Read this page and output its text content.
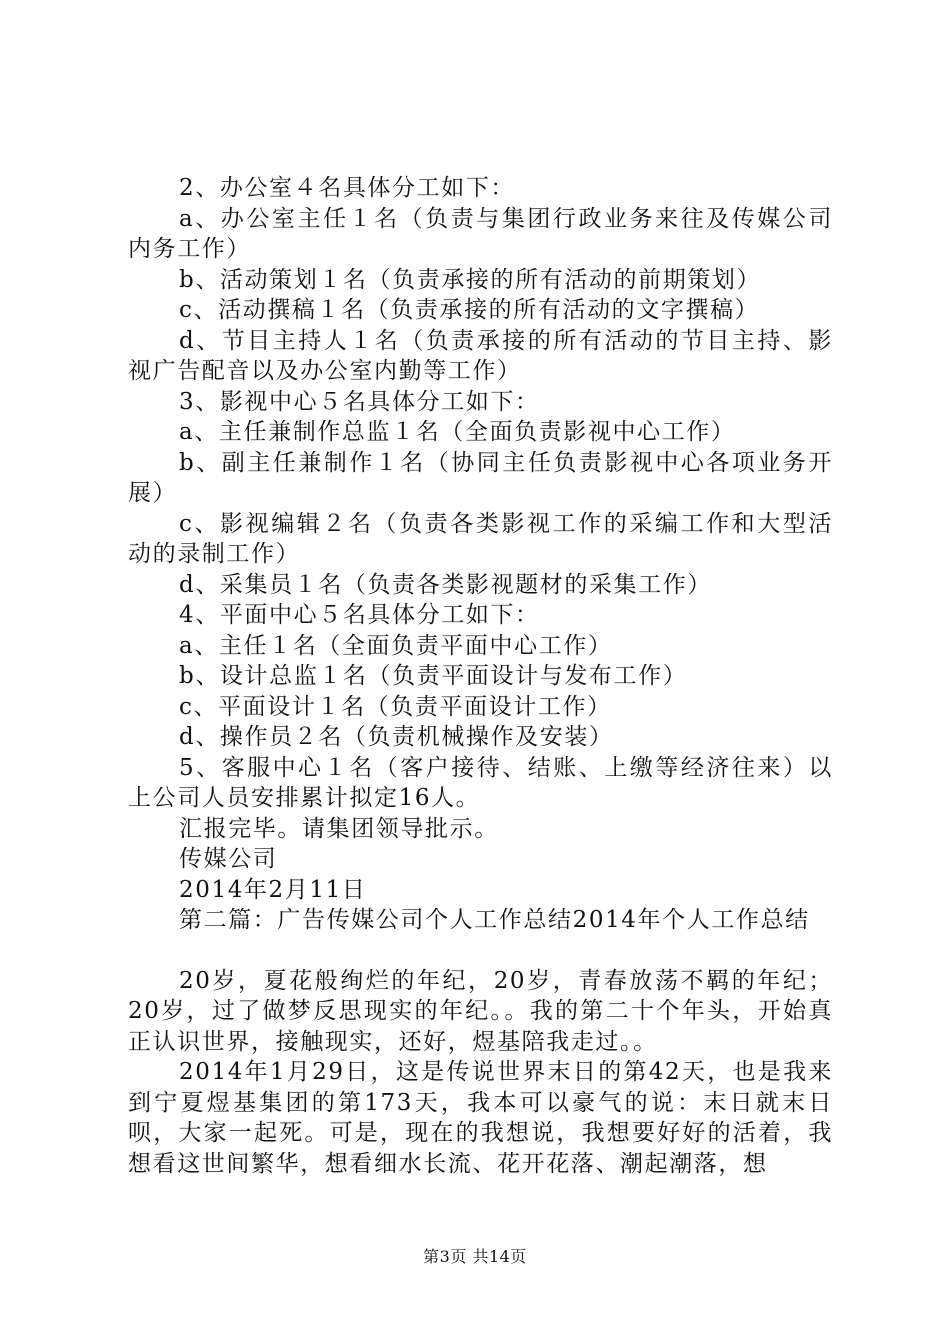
2、办公室４名具体分工如下：

a、办公室主任１名（负责与集团行政业务来往及传媒公司内务工作）

b、活动策划１名（负责承接的所有活动的前期策划）

c、活动撰稿１名（负责承接的所有活动的文字撰稿）

d、节目主持人１名（负责承接的所有活动的节目主持、影视广告配音以及办公室内勤等工作）

3、影视中心５名具体分工如下：

a、主任兼制作总监１名（全面负责影视中心工作）

b、副主任兼制作１名（协同主任负责影视中心各项业务开展）

c、影视编辑２名（负责各类影视工作的采编工作和大型活动的录制工作）

d、采集员１名（负责各类影视题材的采集工作）

4、平面中心５名具体分工如下：

a、主任１名（全面负责平面中心工作）

b、设计总监１名（负责平面设计与发布工作）

c、平面设计１名（负责平面设计工作）

d、操作员２名（负责机械操作及安装）

5、客服中心１名（客户接待、结账、上缴等经济往来）以上公司人员安排累计拟定16人。

汇报完毕。请集团领导批示。

传媒公司

2014年2月11日

第二篇：广告传媒公司个人工作总结2014年个人工作总结

20岁，夏花般绚烂的年纪，20岁，青春放荡不羁的年纪；20岁，过了做梦反思现实的年纪。。我的第二十个年头，开始真正认识世界，接触现实，还好，煜基陪我走过。。

2014年1月29日，这是传说世界末日的第42天，也是我来到宁夏煜基集团的第173天，我本可以豪气的说：末日就末日呗，大家一起死。可是，现在的我想说，我想要好好的活着，我想看这世间繁华，想看细水长流、花开花落、潮起潮落，想

第3页 共14页
